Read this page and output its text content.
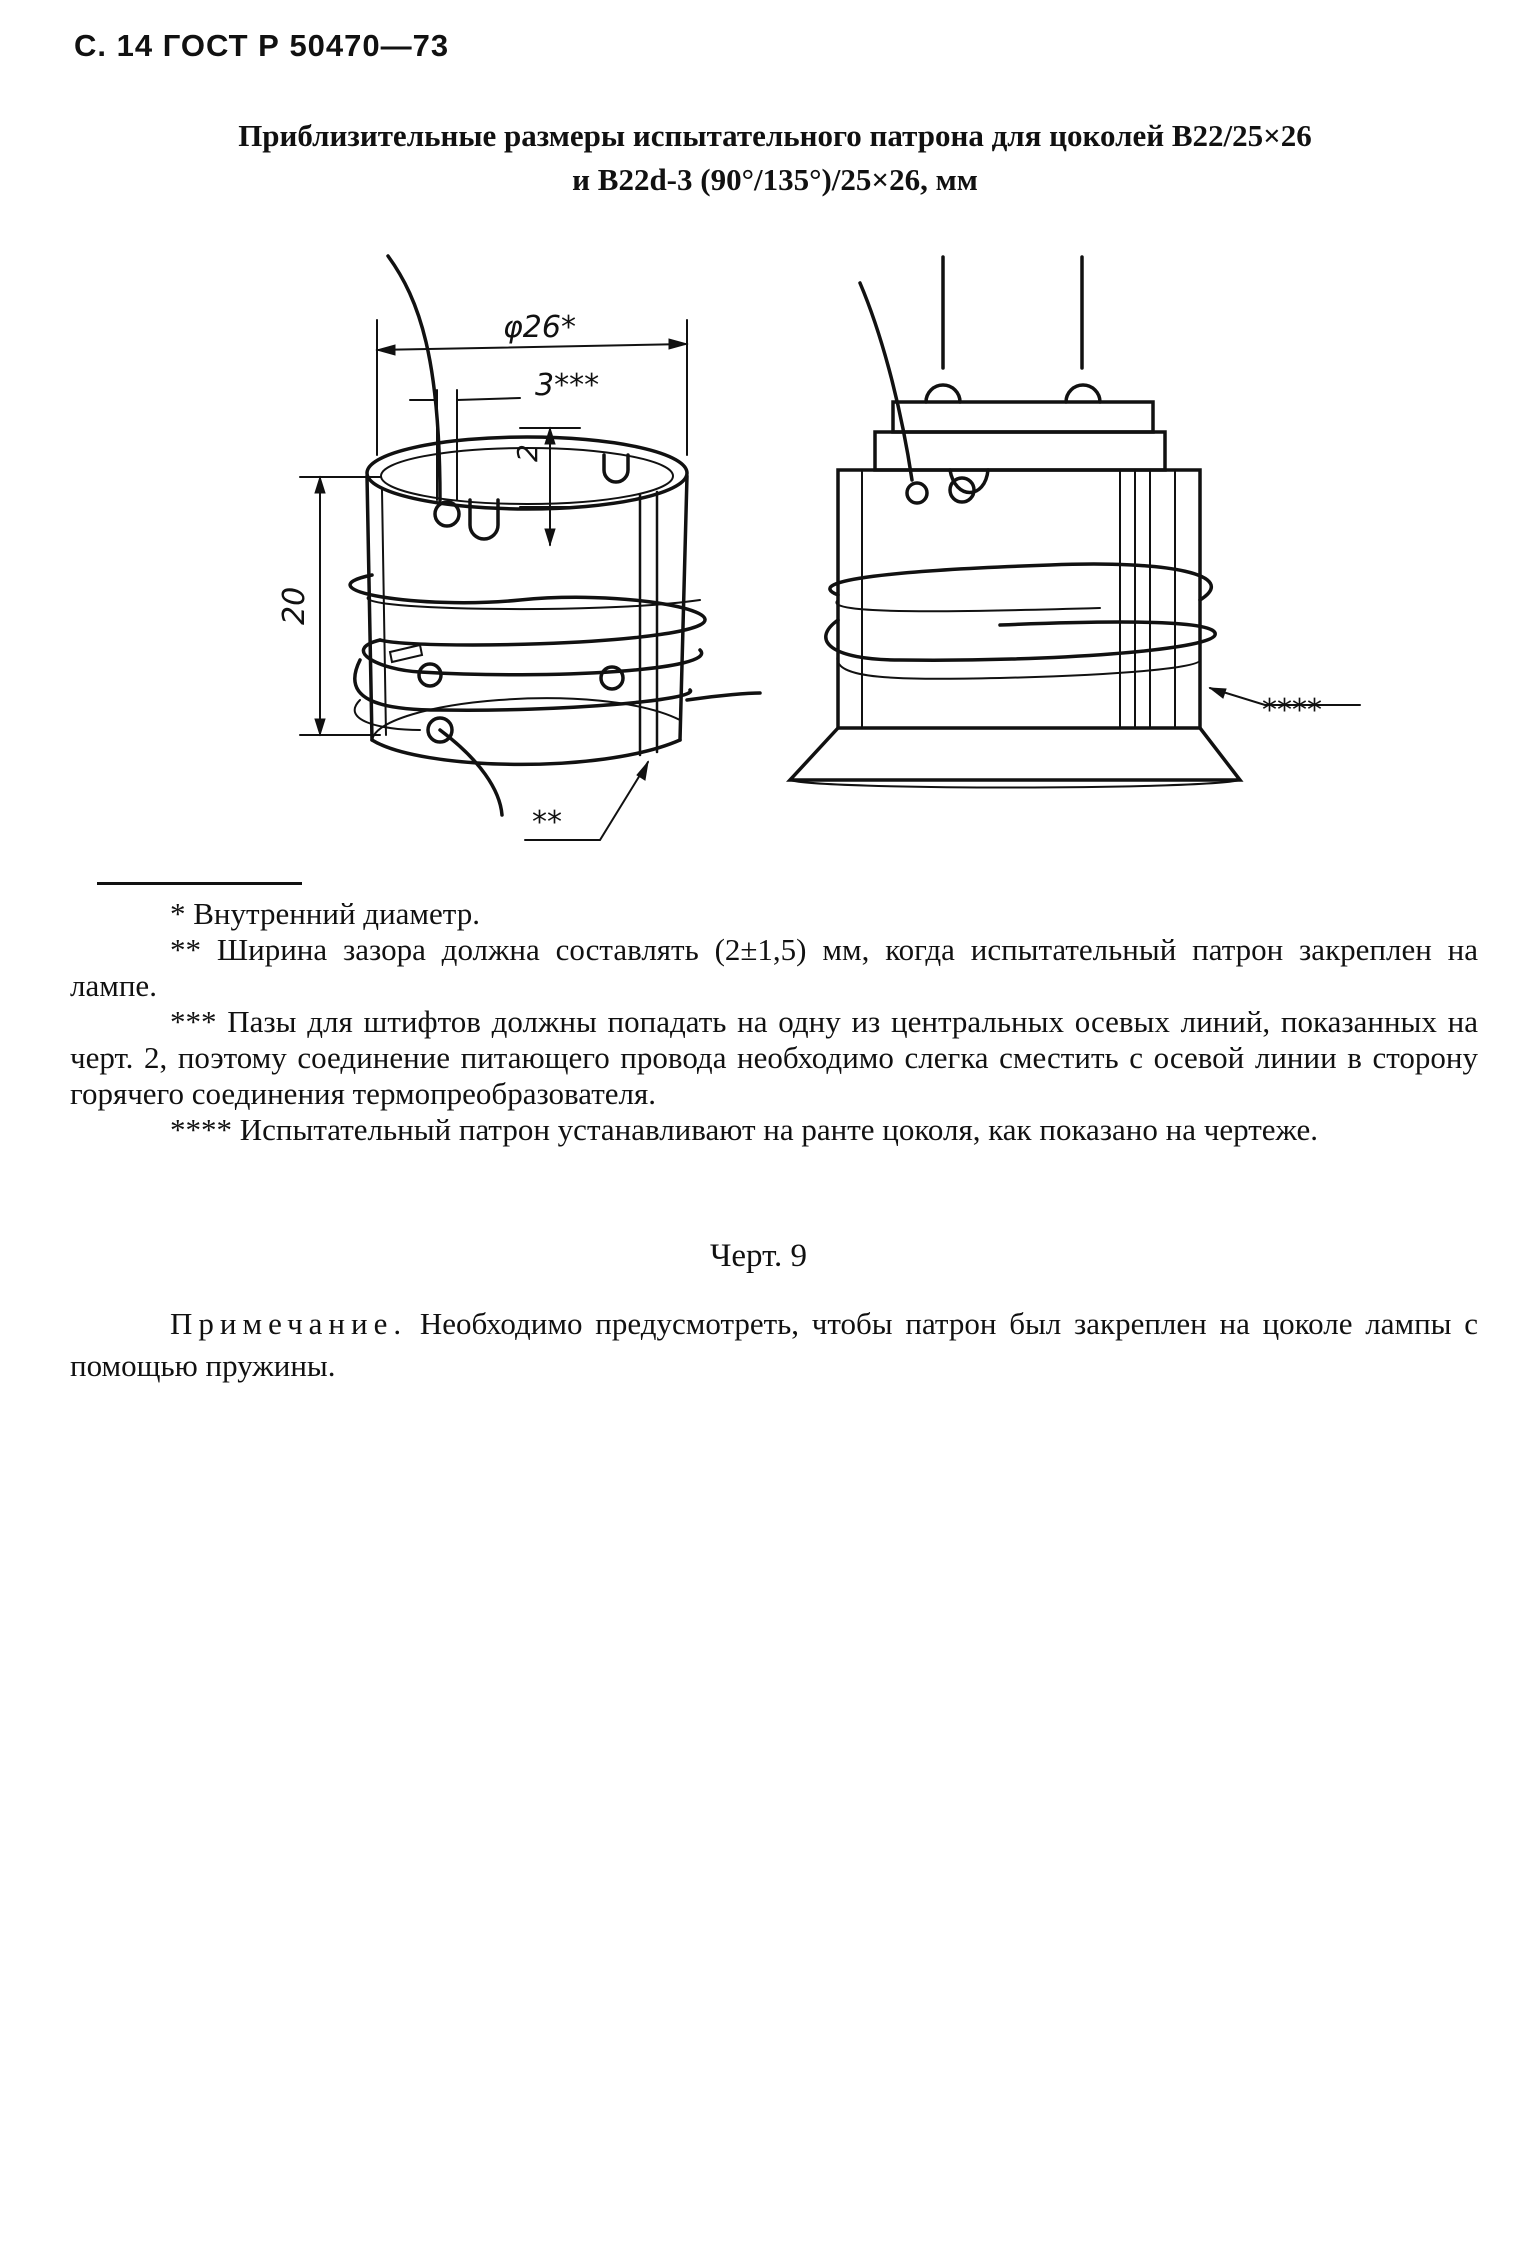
С. 14 ГОСТ Р 50470—73
Приблизительные размеры испытательного патрона для цоколей В22/25×26
и В22d-3 (90°/135°)/25×26, мм
φ26*
3***
2
20
**
****

* Внутренний диаметр.

** Ширина зазора должна составлять (2±1,5) мм, когда испытательный патрон закреплен на лампе.

*** Пазы для штифтов должны попадать на одну из центральных осевых линий, показанных на черт. 2, поэтому соединение питающего провода необходимо слегка сместить с осевой линии в сторону горячего соединения термопреобразователя.

**** Испытательный патрон устанавливают на ранте цоколя, как показано на чертеже.

Черт. 9
Примечание. Необходимо предусмотреть, чтобы патрон был закреплен на цоколе лампы с помощью пружины.
